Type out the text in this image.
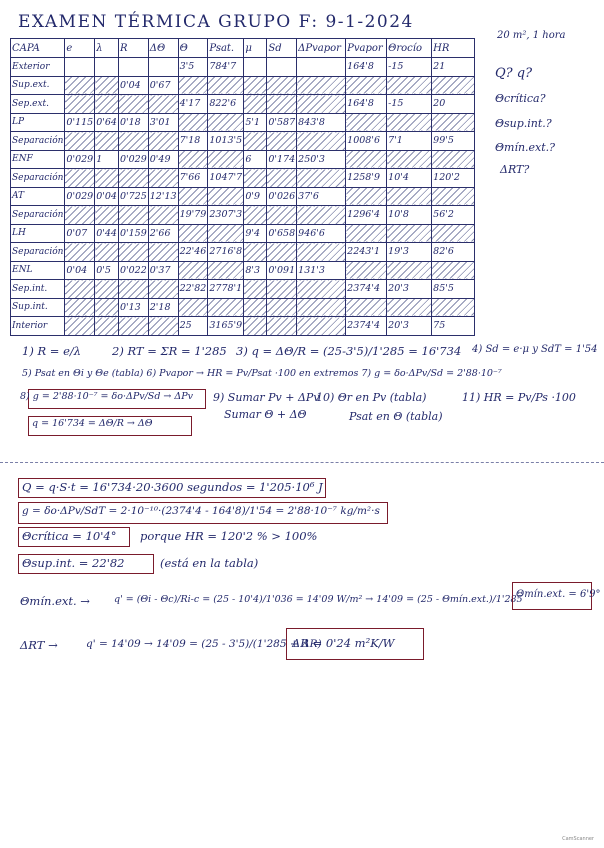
EXAMEN TÉRMICA GRUPO F: 9-1-2024
20 m², 1 hora
Q? q?
Θcrítica?
Θsup.int.?
Θmín.ext.?
ΔRT?
CAPA	e	λ	R	ΔΘ	Θ	Psat.	μ	Sd	ΔPvapor	Pvapor	Θrocío	HR
Exterior					3'5	784'7				164'8	-15	21
Sup.ext.			0'04	0'67								
Sep.ext.					4'17	822'6				164'8	-15	20
LP	0'115	0'64	0'18	3'01			5'1	0'587	843'8			
Separación					7'18	1013'5				1008'6	7'1	99'5
ENF	0'029	1	0'029	0'49			6	0'174	250'3			
Separación					7'66	1047'7				1258'9	10'4	120'2
AT	0'029	0'04	0'725	12'13			0'9	0'026	37'6			
Separación					19'79	2307'3				1296'4	10'8	56'2
LH	0'07	0'44	0'159	2'66			9'4	0'658	946'6			
Separación					22'46	2716'8				2243'1	19'3	82'6
ENL	0'04	0'5	0'022	0'37			8'3	0'091	131'3			
Sep.int.					22'82	2778'1				2374'4	20'3	85'5
Sup.int.			0'13	2'18								
Interior					25	3165'9				2374'4	20'3	75
1) R = e/λ	2) RT = ΣR = 1'285 3) q = ΔΘ/R = (25-3'5)/1'285 = 16'734 4) Sd = e·μ y SdT = 1'54
5) Psat en Θi y Θe (tabla) 6) Pvapor → HR = Pv/Psat ·100 en extremos 7) g = δo·ΔPv/Sd = 2'88·10⁻⁷
8) g = 2'88·10⁻⁷ = δo·ΔPv/Sd → ΔPv
q = 16'734 = ΔΘ/R → ΔΘ
9) Sumar Pv + ΔPv
Sumar Θ + ΔΘ
10) Θr en Pv (tabla)
Psat en Θ (tabla)
11) HR = Pv/Ps ·100
Q = q·S·t = 16'734·20·3600 segundos = 1'205·10⁶ J
g = δo·ΔPv/SdT = 2·10⁻¹⁰·(2374'4 - 164'8)/1'54 = 2'88·10⁻⁷ kg/m²·s
Θcrítica = 10'4° porque HR = 120'2 % > 100%
Θsup.int. = 22'82	(está en la tabla)
Θmín.ext. →	q' = (Θi - Θc)/Ri-c = (25 - 10'4)/1'036 = 14'09 W/m² → 14'09 = (25 - Θmín.ext.)/1'285
Θmín.ext. = 6'9°
ΔRT →	q' = 14'09 → 14'09 = (25 - 3'5)/(1'285 + ΔR)
ΔR = 0'24 m²K/W
CamScanner
